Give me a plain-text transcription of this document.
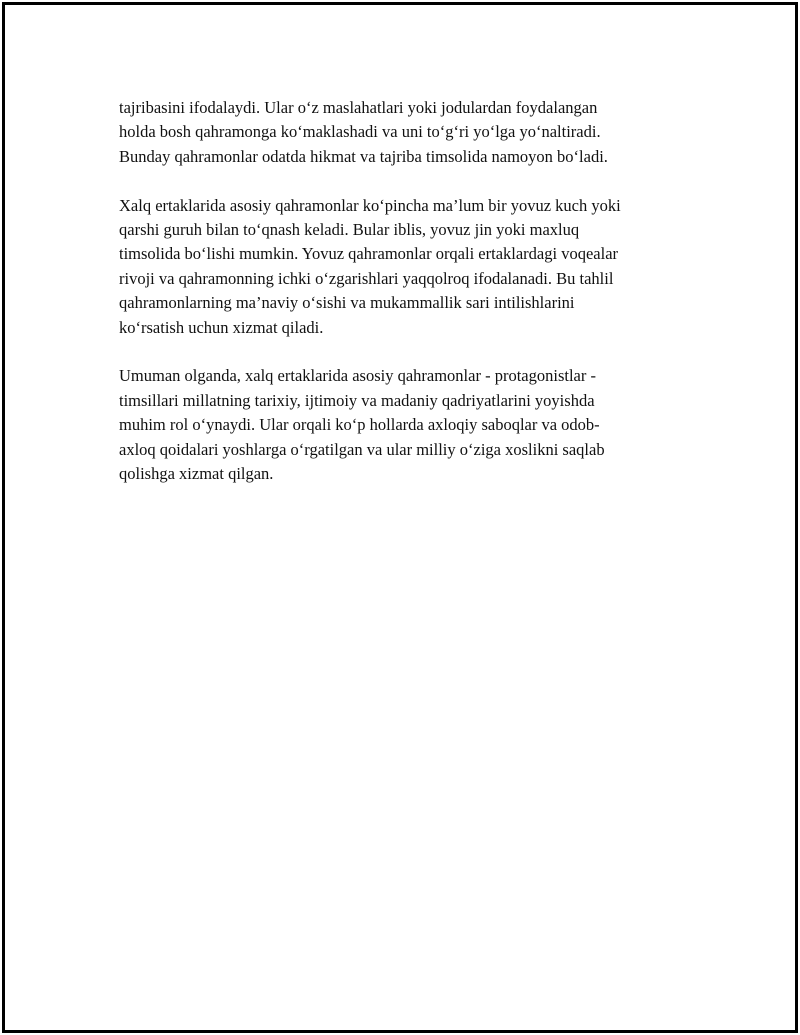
tajribasini ifodalaydi. Ular o‘z maslahatlari yoki jodulardan foydalangan
holda bosh qahramonga ko‘maklashadi va uni to‘g‘ri yo‘lga yo‘naltiradi.
Bunday qahramonlar odatda hikmat va tajriba timsolida namoyon bo‘ladi.

Xalq ertaklarida asosiy qahramonlar ko‘pincha ma’lum bir yovuz kuch yoki
qarshi guruh bilan to‘qnash keladi. Bular iblis, yovuz jin yoki maxluq
timsolida bo‘lishi mumkin. Yovuz qahramonlar orqali ertaklardagi voqealar
rivoji va qahramonning ichki o‘zgarishlari yaqqolroq ifodalanadi. Bu tahlil
qahramonlarning ma’naviy o‘sishi va mukammallik sari intilishlarini
ko‘rsatish uchun xizmat qiladi.

Umuman olganda, xalq ertaklarida asosiy qahramonlar - protagonistlar -
timsillari millatning tarixiy, ijtimoiy va madaniy qadriyatlarini yoyishda
muhim rol o‘ynaydi. Ular orqali ko‘p hollarda axloqiy saboqlar va odob-
axloq qoidalari yoshlarga o‘rgatilgan va ular milliy o‘ziga xoslikni saqlab
qolishga xizmat qilgan.
